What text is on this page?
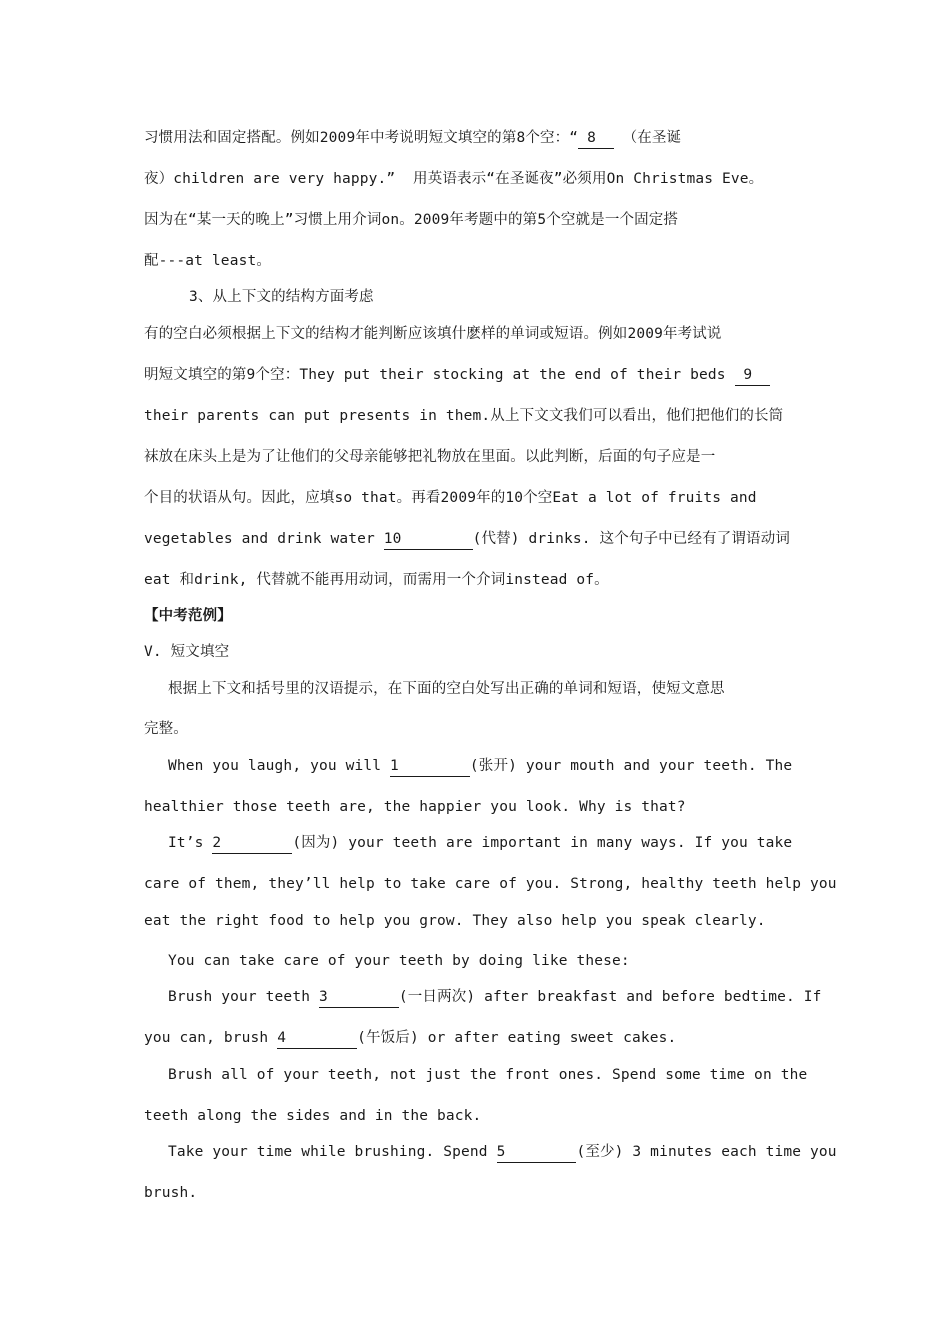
习惯用法和固定搭配。例如2009年中考说明短文填空的第8个空：“ 8   （在圣诞
夜）children are very happy.”  用英语表示“在圣诞夜”必须用On Christmas Eve。
因为在“某一天的晚上”习惯上用介词on。2009年考题中的第5个空就是一个固定搭
配---at least。
3、从上下文的结构方面考虑
有的空白必须根据上下文的结构才能判断应该填什麽样的单词或短语。例如2009年考试说
明短文填空的第9个空：They put their stocking at the end of their beds  9
their parents can put presents in them.从上下文文我们可以看出，他们把他们的长筒
袜放在床头上是为了让他们的父母亲能够把礼物放在里面。以此判断，后面的句子应是一
个目的状语从句。因此，应填so that。再看2009年的10个空Eat a lot of fruits and
vegetables and drink water 10        (代替) drinks. 这个句子中已经有了谓语动词
eat 和drink, 代替就不能再用动词，而需用一个介词instead of。
【中考范例】
V. 短文填空
根据上下文和括号里的汉语提示，在下面的空白处写出正确的单词和短语，使短文意思
完整。
When you laugh, you will 1        (张开) your mouth and your teeth. The
healthier those teeth are, the happier you look. Why is that?
It’s 2        (因为) your teeth are important in many ways. If you take
care of them, they’ll help to take care of you. Strong, healthy teeth help you
eat the right food to help you grow. They also help you speak clearly.
You can take care of your teeth by doing like these:
Brush your teeth 3        (一日两次) after breakfast and before bedtime. If
you can, brush 4        (午饭后) or after eating sweet cakes.
Brush all of your teeth, not just the front ones. Spend some time on the
teeth along the sides and in the back.
Take your time while brushing. Spend 5        (至少) 3 minutes each time you
brush.
